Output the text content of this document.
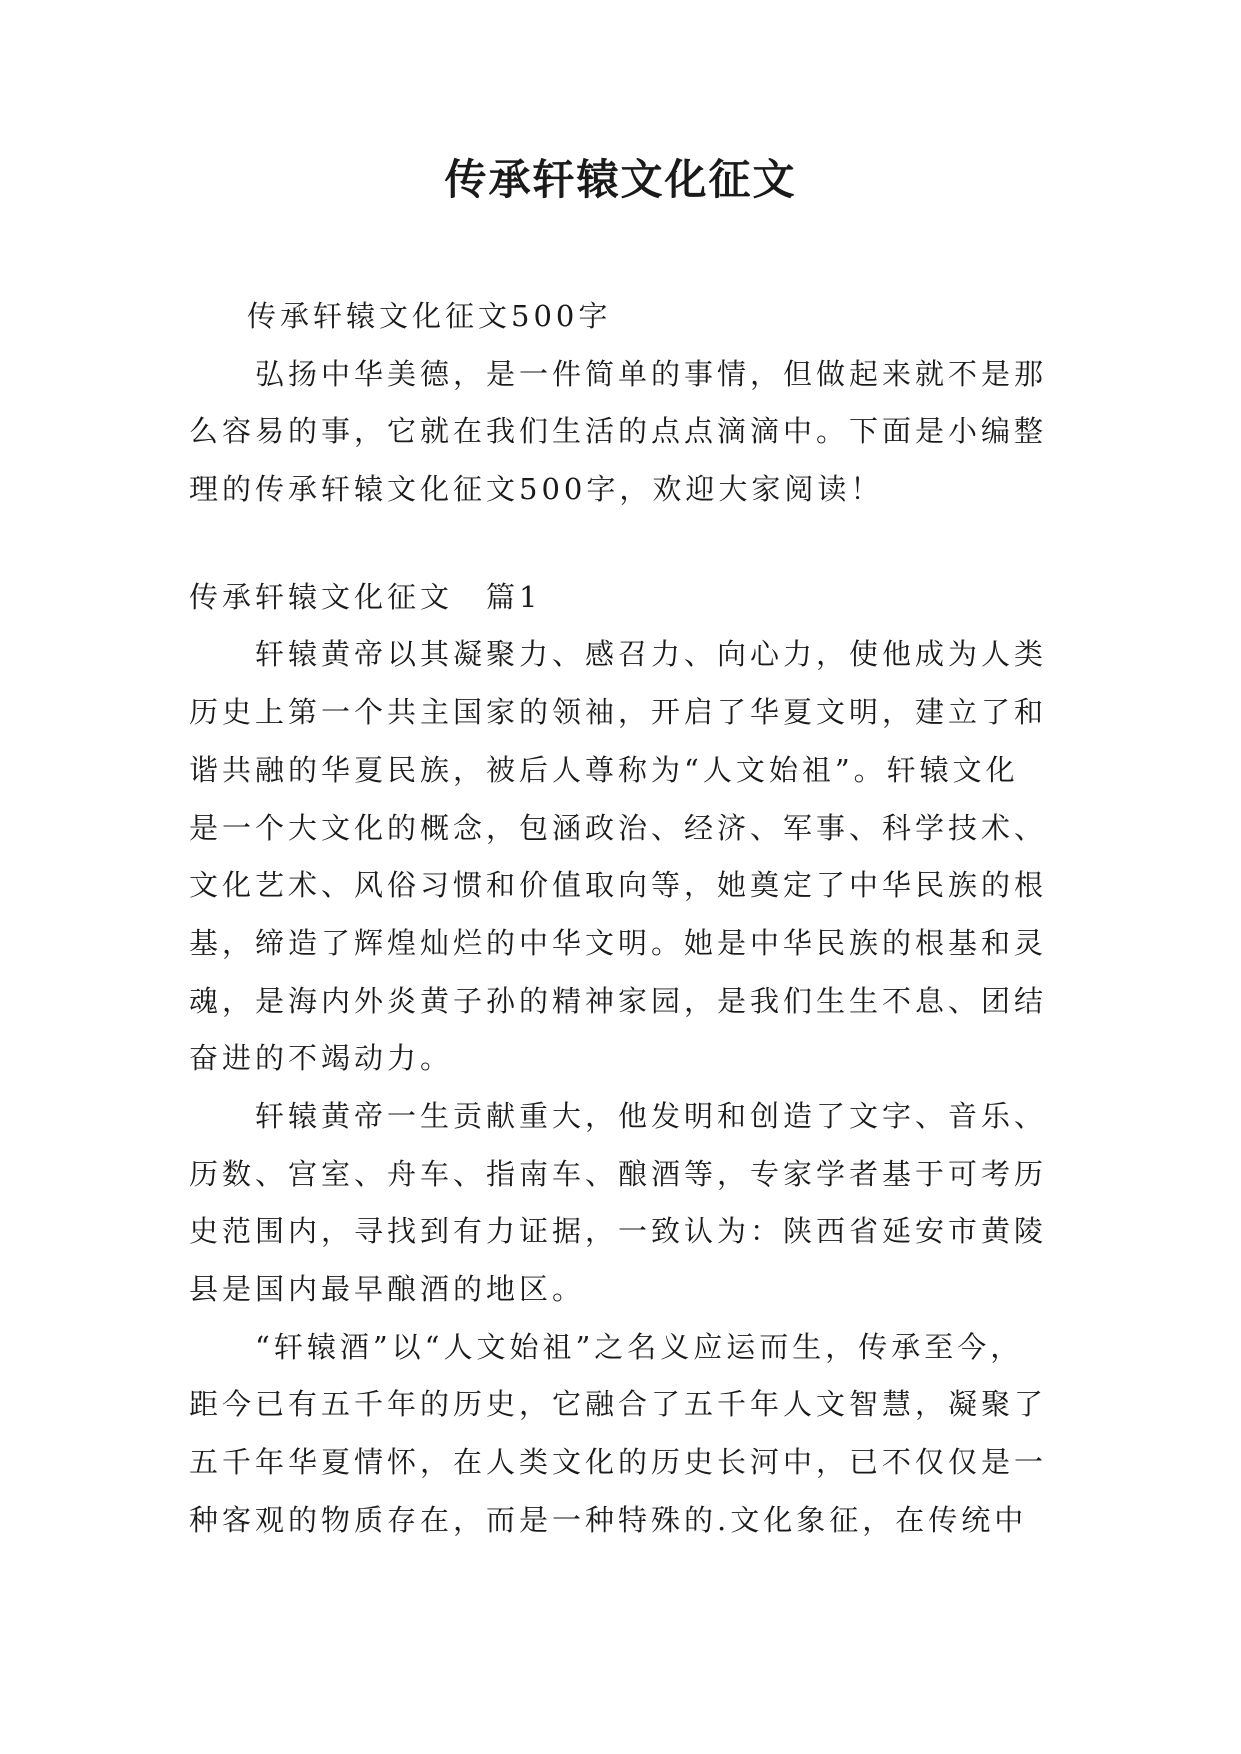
传承轩辕文化征文
传承轩辕文化征文500字
　　弘扬中华美德，是一件简单的事情，但做起来就不是那
么容易的事，它就在我们生活的点点滴滴中。下面是小编整
理的传承轩辕文化征文500字，欢迎大家阅读！
传承轩辕文化征文　篇1
　　轩辕黄帝以其凝聚力、感召力、向心力，使他成为人类
历史上第一个共主国家的领袖，开启了华夏文明，建立了和
谐共融的华夏民族，被后人尊称为“人文始祖”。轩辕文化
是一个大文化的概念，包涵政治、经济、军事、科学技术、
文化艺术、风俗习惯和价值取向等，她奠定了中华民族的根
基，缔造了辉煌灿烂的中华文明。她是中华民族的根基和灵
魂，是海内外炎黄子孙的精神家园，是我们生生不息、团结
奋进的不竭动力。
　　轩辕黄帝一生贡献重大，他发明和创造了文字、音乐、
历数、宫室、舟车、指南车、酿酒等，专家学者基于可考历
史范围内，寻找到有力证据，一致认为：陕西省延安市黄陵
县是国内最早酿酒的地区。
　　“轩辕酒”以“人文始祖”之名义应运而生，传承至今，
距今已有五千年的历史，它融合了五千年人文智慧，凝聚了
五千年华夏情怀，在人类文化的历史长河中，已不仅仅是一
种客观的物质存在，而是一种特殊的.文化象征，在传统中
